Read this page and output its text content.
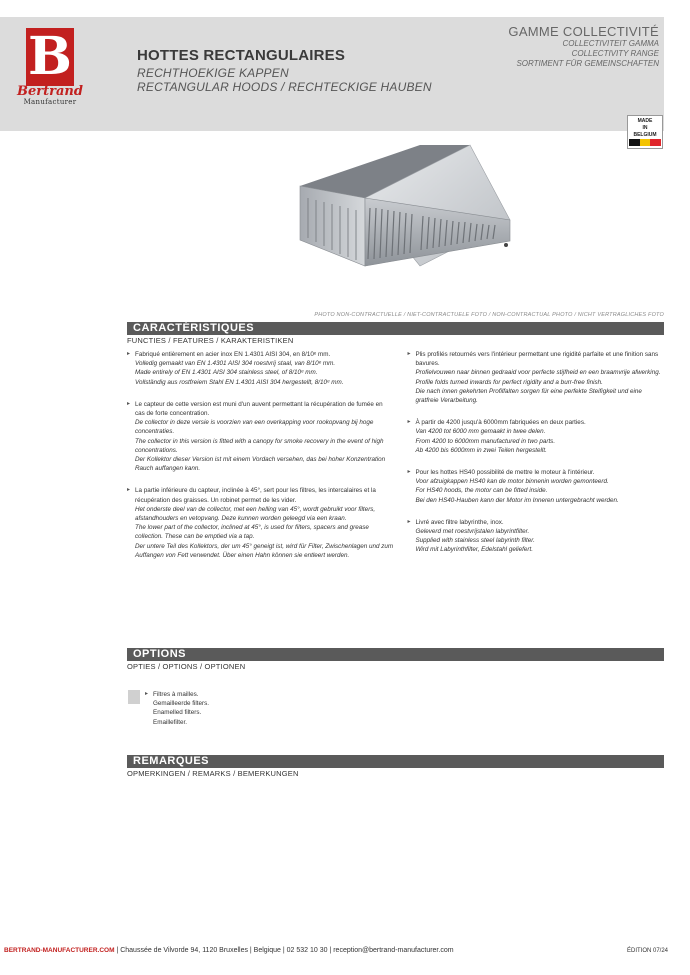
B
Bertrand
Manufacturer
HOTTES RECTANGULAIRES
RECHTHOEKIGE KAPPEN
RECTANGULAR HOODS / RECHTECKIGE HAUBEN
GAMME COLLECTIVITÉ
COLLECTIVITEIT GAMMA
COLLECTIVITY RANGE
SORTIMENT FÜR GEMEINSCHAFTEN
MADE
IN
BELGIUM
PHOTO NON-CONTRACTUELLE / NIET-CONTRACTUELE FOTO / NON-CONTRACTUAL PHOTO / NICHT VERTRAGLICHES FOTO
CARACTÉRISTIQUES
FUNCTIES / FEATURES / KARAKTERISTIKEN
▸ Fabriqué entièrement en acier inox EN 1.4301 AISI 304, en 8/10ᵉ mm.
Volledig gemaakt van EN 1.4301 AISI 304 roestvrij staal, van 8/10ᵉ mm.
Made entirely of EN 1.4301 AISI 304 stainless steel, of 8/10ᵉ mm.
Vollständig aus rostfreiem Stahl EN 1.4301 AISI 304 hergestellt, 8/10ᵉ mm.
▸ Le capteur de cette version est muni d'un auvent permettant la récupération de fumée en cas de forte concentration.
De collector in deze versie is voorzien van een overkapping voor rookopvang bij hoge concentraties.
The collector in this version is fitted with a canopy for smoke recovery in the event of high concentrations.
Der Kollektor dieser Version ist mit einem Vordach versehen, das bei hoher Konzentration Rauch auffangen kann.
▸ La partie inférieure du capteur, inclinée à 45°, sert pour les filtres, les intercalaires et la récupération des graisses. Un robinet permet de les vider.
Het onderste deel van de collector, met een helling van 45°, wordt gebruikt voor filters, afstandhouders en vetopvang. Deze kunnen worden geleegd via een kraan.
The lower part of the collector, inclined at 45°, is used for filters, spacers and grease collection. These can be emptied via a tap.
Der untere Teil des Kollektors, der um 45° geneigt ist, wird für Filter, Zwischenlagen und zum Auffangen von Fett verwendet. Über einen Hahn können sie entleert werden.
▸ Plis profilés retournés vers l'intérieur permettant une rigidité parfaite et une finition sans bavures.
Profielvouwen naar binnen gedraaid voor perfecte stijfheid en een braamvrije afwerking.
Profile folds turned inwards for perfect rigidity and a burr-free finish.
Die nach innen gekehrten Profilfalten sorgen für eine perfekte Steifigkeit und eine gratfreie Verarbeitung.
▸ À partir de 4200 jusqu'à 6000mm fabriquées en deux parties.
Van 4200 tot 6000 mm gemaakt in twee delen.
From 4200 to 6000mm manufactured in two parts.
Ab 4200 bis 6000mm in zwei Teilen hergestellt.
▸ Pour les hottes HS40 possibilité de mettre le moteur à l'intérieur.
Voor afzuigkappen HS40 kan de motor binnenin worden gemonteerd.
For HS40 hoods, the motor can be fitted inside.
Bei den HS40-Hauben kann der Motor im Inneren untergebracht werden.
▸ Livré avec filtre labyrinthe, inox.
Geleverd met roestvrijstalen labyrintfilter.
Supplied with stainless steel labyrinth filter.
Wird mit Labyrinthfilter, Edelstahl geliefert.
OPTIONS
OPTIES / OPTIONS / OPTIONEN
▸ Filtres à mailles.
Gemailleerde filters.
Enamelled filters.
Emaillefilter.
REMARQUES
OPMERKINGEN / REMARKS / BEMERKUNGEN
BERTRAND-MANUFACTURER.COM | Chaussée de Vilvorde 94, 1120 Bruxelles | Belgique | 02 532 10 30 | reception@bertrand-manufacturer.com	ÉDITION 07/24
